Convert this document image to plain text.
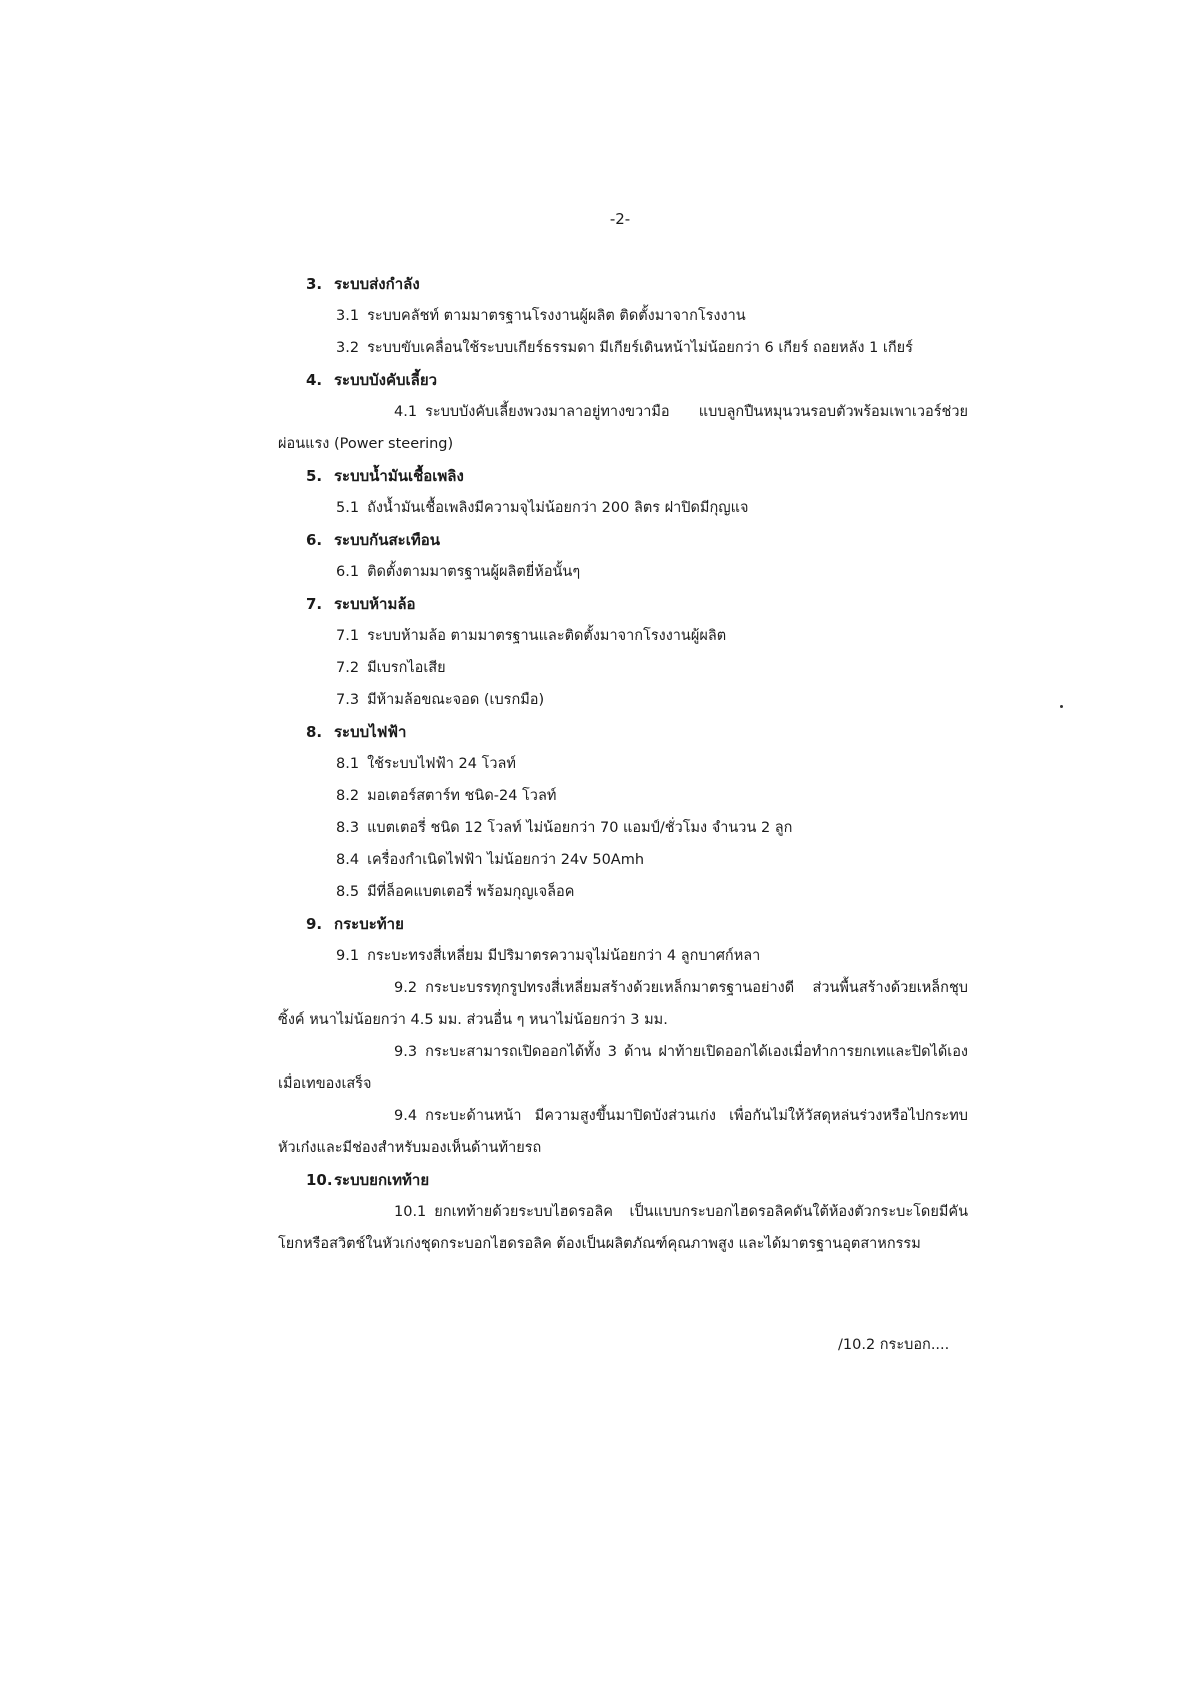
-2-
3. ระบบส่งกำลัง
3.1 ระบบคลัชท์ ตามมาตรฐานโรงงานผู้ผลิต ติดตั้งมาจากโรงงาน
3.2 ระบบขับเคลื่อนใช้ระบบเกียร์ธรรมดา มีเกียร์เดินหน้าไม่น้อยกว่า 6 เกียร์ ถอยหลัง 1 เกียร์
4. ระบบบังคับเลี้ยว
4.1 ระบบบังคับเลี้ยงพวงมาลาอยู่ทางขวามือ แบบลูกปืนหมุนวนรอบตัวพร้อมเพาเวอร์ช่วยผ่อนแรง (Power steering)
5. ระบบน้ำมันเชื้อเพลิง
5.1 ถังน้ำมันเชื้อเพลิงมีความจุไม่น้อยกว่า 200 ลิตร ฝาปิดมีกุญแจ
6. ระบบกันสะเทือน
6.1 ติดตั้งตามมาตรฐานผู้ผลิตยี่ห้อนั้นๆ
7. ระบบห้ามล้อ
7.1 ระบบห้ามล้อ ตามมาตรฐานและติดตั้งมาจากโรงงานผู้ผลิต
7.2 มีเบรกไอเสีย
7.3 มีห้ามล้อขณะจอด (เบรกมือ)
8. ระบบไฟฟ้า
8.1 ใช้ระบบไฟฟ้า 24 โวลท์
8.2 มอเตอร์สตาร์ท ชนิด-24 โวลท์
8.3 แบตเตอรี่ ชนิด 12 โวลท์ ไม่น้อยกว่า 70 แอมป์/ชั่วโมง จำนวน 2 ลูก
8.4 เครื่องกำเนิดไฟฟ้า ไม่น้อยกว่า 24v 50Amh
8.5 มีที่ล็อคแบตเตอรี่ พร้อมกุญเจล็อค
9. กระบะท้าย
9.1 กระบะทรงสี่เหลี่ยม มีปริมาตรความจุไม่น้อยกว่า 4 ลูกบาศก์หลา
9.2 กระบะบรรทุกรูปทรงสี่เหลี่ยมสร้างด้วยเหล็กมาตรฐานอย่างดี ส่วนพื้นสร้างด้วยเหล็กชุบซิ้งค์ หนาไม่น้อยกว่า 4.5 มม. ส่วนอื่น ๆ หนาไม่น้อยกว่า 3 มม.
9.3 กระบะสามารถเปิดออกได้ทั้ง 3 ด้าน ฝาท้ายเปิดออกได้เองเมื่อทำการยกเทและปิดได้เองเมื่อเทของเสร็จ
9.4 กระบะด้านหน้า มีความสูงขึ้นมาปิดบังส่วนเก่ง เพื่อกันไม่ให้วัสดุหล่นร่วงหรือไปกระทบหัวเก๋งและมีช่องสำหรับมองเห็นด้านท้ายรถ
10.ระบบยกเทท้าย
10.1 ยกเทท้ายด้วยระบบไฮดรอลิค เป็นแบบกระบอกไฮดรอลิคดันใต้ห้องตัวกระบะโดยมีคันโยกหรือสวิตช์ในหัวเก่งชุดกระบอกไฮดรอลิค ต้องเป็นผลิตภัณฑ์คุณภาพสูง และได้มาตรฐานอุตสาหกรรม
/10.2 กระบอก....
